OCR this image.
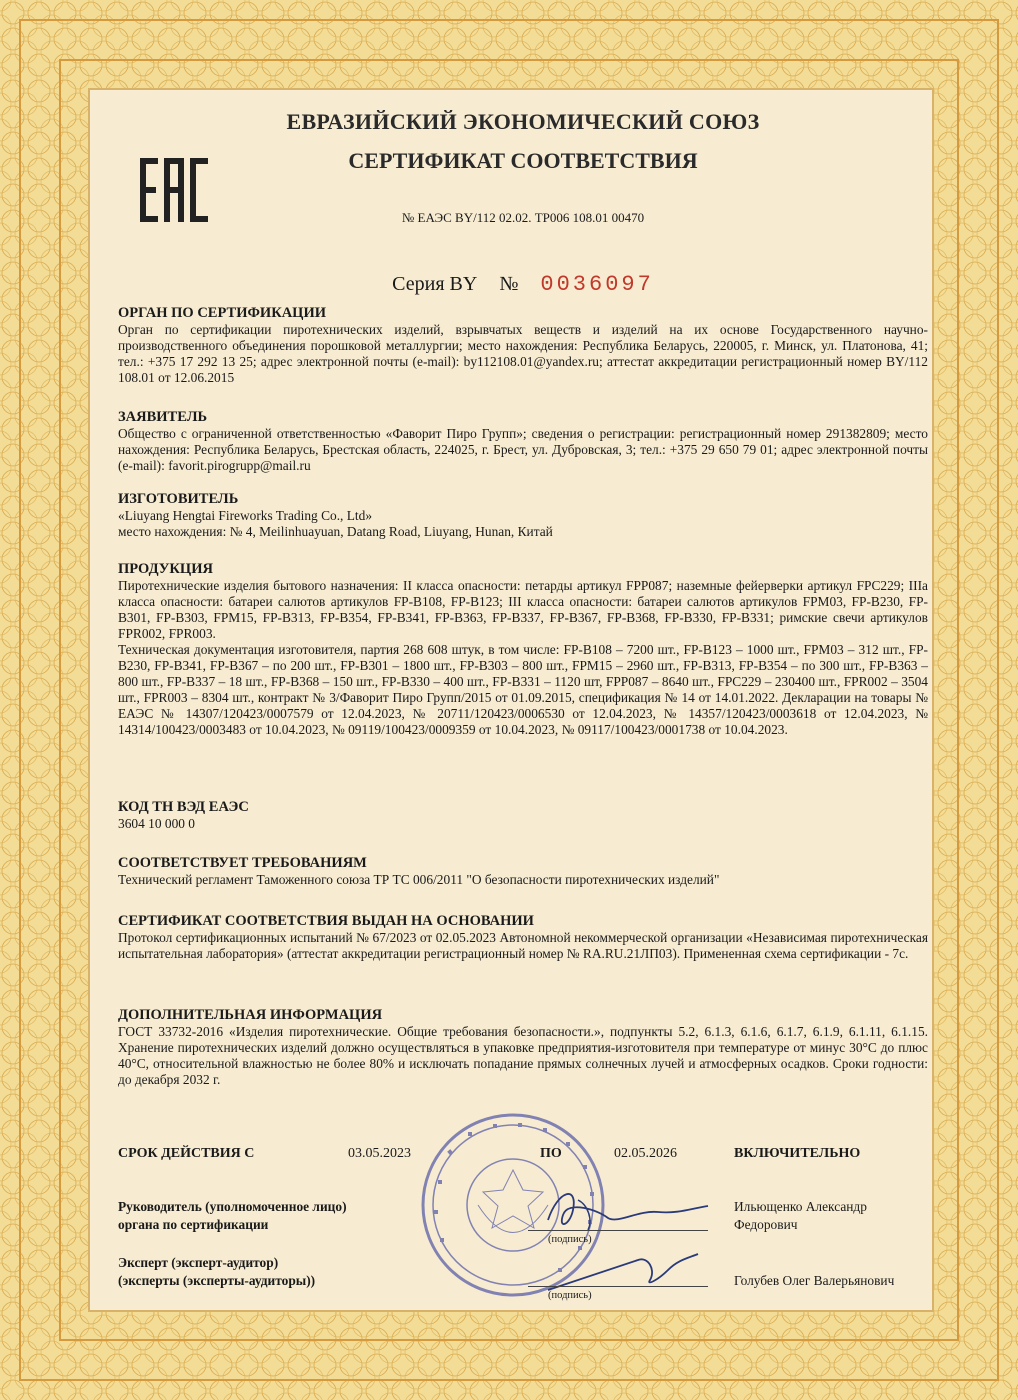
ЕВРАЗИЙСКИЙ ЭКОНОМИЧЕСКИЙ СОЮЗ
СЕРТИФИКАТ СООТВЕТСТВИЯ
№ ЕАЭС BY/112 02.02. ТР006 108.01 00470
Серия BY № 0036097
ОРГАН ПО СЕРТИФИКАЦИИ
Орган по сертификации пиротехнических изделий, взрывчатых веществ и изделий на их основе Государственного научно-производственного объединения порошковой металлургии; место нахождения: Республика Беларусь, 220005, г. Минск, ул. Платонова, 41; тел.: +375 17 292 13 25; адрес электронной почты (e-mail): by112108.01@yandex.ru; аттестат аккредитации регистрационный номер BY/112 108.01 от 12.06.2015
ЗАЯВИТЕЛЬ
Общество с ограниченной ответственностью «Фаворит Пиро Групп»; сведения о регистрации: регистрационный номер 291382809; место нахождения: Республика Беларусь, Брестская область, 224025, г. Брест, ул. Дубровская, 3; тел.: +375 29 650 79 01; адрес электронной почты (e-mail): favorit.pirogrupp@mail.ru
ИЗГОТОВИТЕЛЬ
«Liuyang Hengtai Fireworks Trading Co., Ltd»
место нахождения: № 4, Meilinhuayuan, Datang Road, Liuyang, Hunan, Китай
ПРОДУКЦИЯ
Пиротехнические изделия бытового назначения: II класса опасности: петарды артикул FPP087; наземные фейерверки артикул FPC229; IIIа класса опасности: батареи салютов артикулов FP-B108, FP-B123; III класса опасности: батареи салютов артикулов FPM03, FP-B230, FP-B301, FP-B303, FPM15, FP-B313, FP-B354, FP-B341, FP-B363, FP-B337, FP-B367, FP-B368, FP-B330, FP-B331; римские свечи артикулов FPR002, FPR003.
Техническая документация изготовителя, партия 268 608 штук, в том числе: FP-B108 – 7200 шт., FP-B123 – 1000 шт., FPM03 – 312 шт., FP-B230, FP-B341, FP-B367 – по 200 шт., FP-B301 – 1800 шт., FP-B303 – 800 шт., FPM15 – 2960 шт., FP-B313, FP-B354 – по 300 шт., FP-B363 – 800 шт., FP-B337 – 18 шт., FP-B368 – 150 шт., FP-B330 – 400 шт., FP-B331 – 1120 шт, FPP087 – 8640 шт., FPC229 – 230400 шт., FPR002 – 3504 шт., FPR003 – 8304 шт., контракт № 3/Фаворит Пиро Групп/2015 от 01.09.2015, спецификация № 14 от 14.01.2022. Декларации на товары № ЕАЭС № 14307/120423/0007579 от 12.04.2023, № 20711/120423/0006530 от 12.04.2023, № 14357/120423/0003618 от 12.04.2023, № 14314/100423/0003483 от 10.04.2023, № 09119/100423/0009359 от 10.04.2023, № 09117/100423/0001738 от 10.04.2023.
КОД ТН ВЭД ЕАЭС
3604 10 000 0
СООТВЕТСТВУЕТ ТРЕБОВАНИЯМ
Технический регламент Таможенного союза ТР ТС 006/2011 "О безопасности пиротехнических изделий"
СЕРТИФИКАТ СООТВЕТСТВИЯ ВЫДАН НА ОСНОВАНИИ
Протокол сертификационных испытаний № 67/2023 от 02.05.2023 Автономной некоммерческой организации «Независимая пиротехническая испытательная лаборатория» (аттестат аккредитации регистрационный номер № RA.RU.21ЛП03). Примененная схема сертификации - 7с.
ДОПОЛНИТЕЛЬНАЯ ИНФОРМАЦИЯ
ГОСТ 33732-2016 «Изделия пиротехнические. Общие требования безопасности.», подпункты 5.2, 6.1.3, 6.1.6, 6.1.7, 6.1.9, 6.1.11, 6.1.15. Хранение пиротехнических изделий должно осуществляться в упаковке предприятия-изготовителя при температуре от минус 30°С до плюс 40°С, относительной влажностью не более 80% и исключать попадание прямых солнечных лучей и атмосферных осадков. Сроки годности: до декабря 2032 г.
СРОК ДЕЙСТВИЯ С	03.05.2023	ПО	02.05.2026	ВКЛЮЧИТЕЛЬНО
Руководитель (уполномоченное лицо)
органа по сертификации
Ильющенко Александр
Федорович
(подпись)
Эксперт (эксперт-аудитор)
(эксперты (эксперты-аудиторы))	Голубев Олег Валерьянович
(подпись)
